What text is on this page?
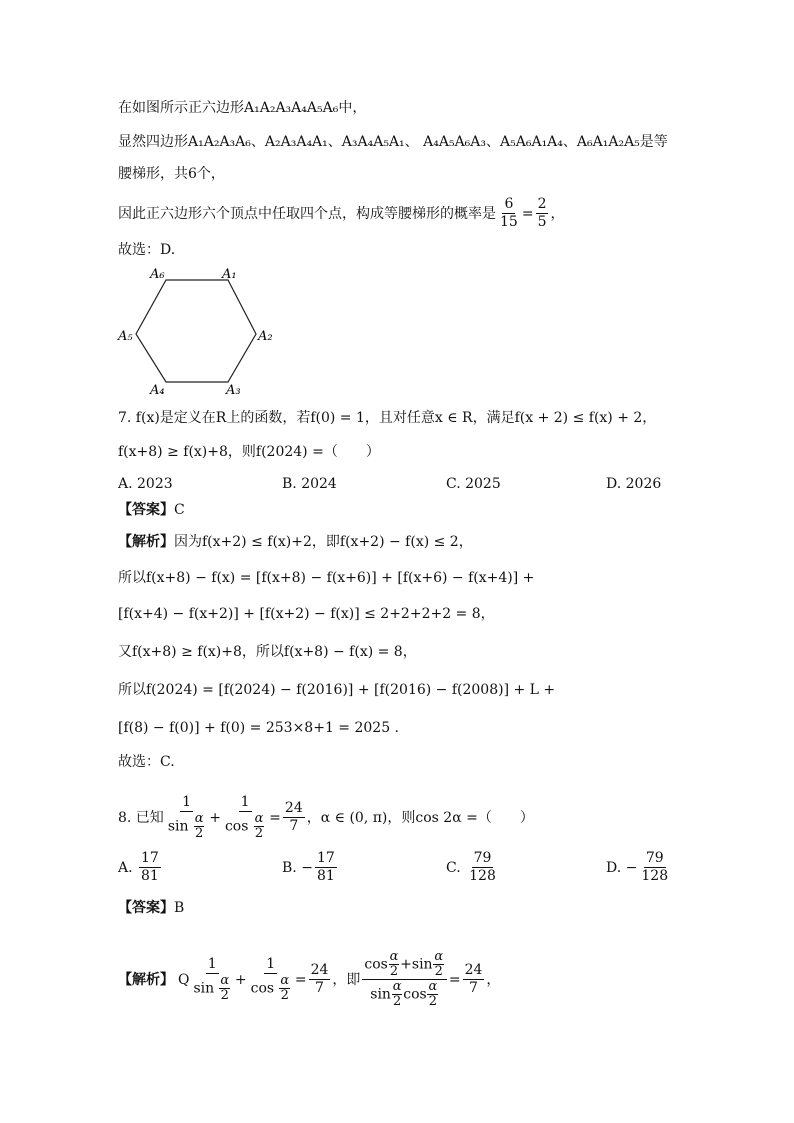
在如图所示正六边形A₁A₂A₃A₄A₅A₆中，
显然四边形A₁A₂A₃A₆、A₂A₃A₄A₁、A₃A₄A₅A₁、 A₄A₅A₆A₃、A₅A₆A₁A₄、A₆A₁A₂A₅是等
腰梯形，共6个，
因此正六边形六个顶点中任取四个点，构成等腰梯形的概率是 $\frac{6}{15} = \frac{2}{5}$ ，
故选：D.
A₁
A₂
A₃
A₄
A₅
A₆
7. f(x)是定义在R上的函数，若f(0) = 1，且对任意x ∈ R，满足f(x + 2) ≤ f(x) + 2，
f(x+8) ≥ f(x)+8，则f(2024) =（　　）
A. 2023	B. 2024	C. 2025	D. 2026
【答案】 C
【解析】 因为f(x+2) ≤ f(x)+2，即f(x+2) − f(x) ≤ 2，
所以f(x+8) − f(x) = [f(x+8) − f(x+6)] + [f(x+6) − f(x+4)] +
[f(x+4) − f(x+2)] + [f(x+2) − f(x)] ≤ 2+2+2+2 = 8，
又f(x+8) ≥ f(x)+8，所以f(x+8) − f(x) = 8，
所以f(2024) = [f(2024) − f(2016)] + [f(2016) − f(2008)] + L +
[f(8) − f(0)] + f(0) = 253×8+1 = 2025 .
故选：C.
8. 已知 $\frac{1}{\sin \frac{\alpha}{2}} + \frac{1}{\cos \frac{\alpha}{2}} = \frac{24}{7}$ ，α ∈ (0, π)，则cos 2α =（　　）
A.
$\frac{17}{81}$	B.
− $\frac{17}{81}$	C.
$\frac{79}{128}$	D.
− $\frac{79}{128}$
【答案】 B
【解析】 Q $\frac{1}{\sin \frac{\alpha}{2}} + \frac{1}{\cos \frac{\alpha}{2}} = \frac{24}{7}$ ，即 $\frac{\cos \frac{\alpha}{2} +\sin \frac{\alpha}{2}}{\sin \frac{\alpha}{2} \cos \frac{\alpha}{2}} = \frac{24}{7}$ ，
